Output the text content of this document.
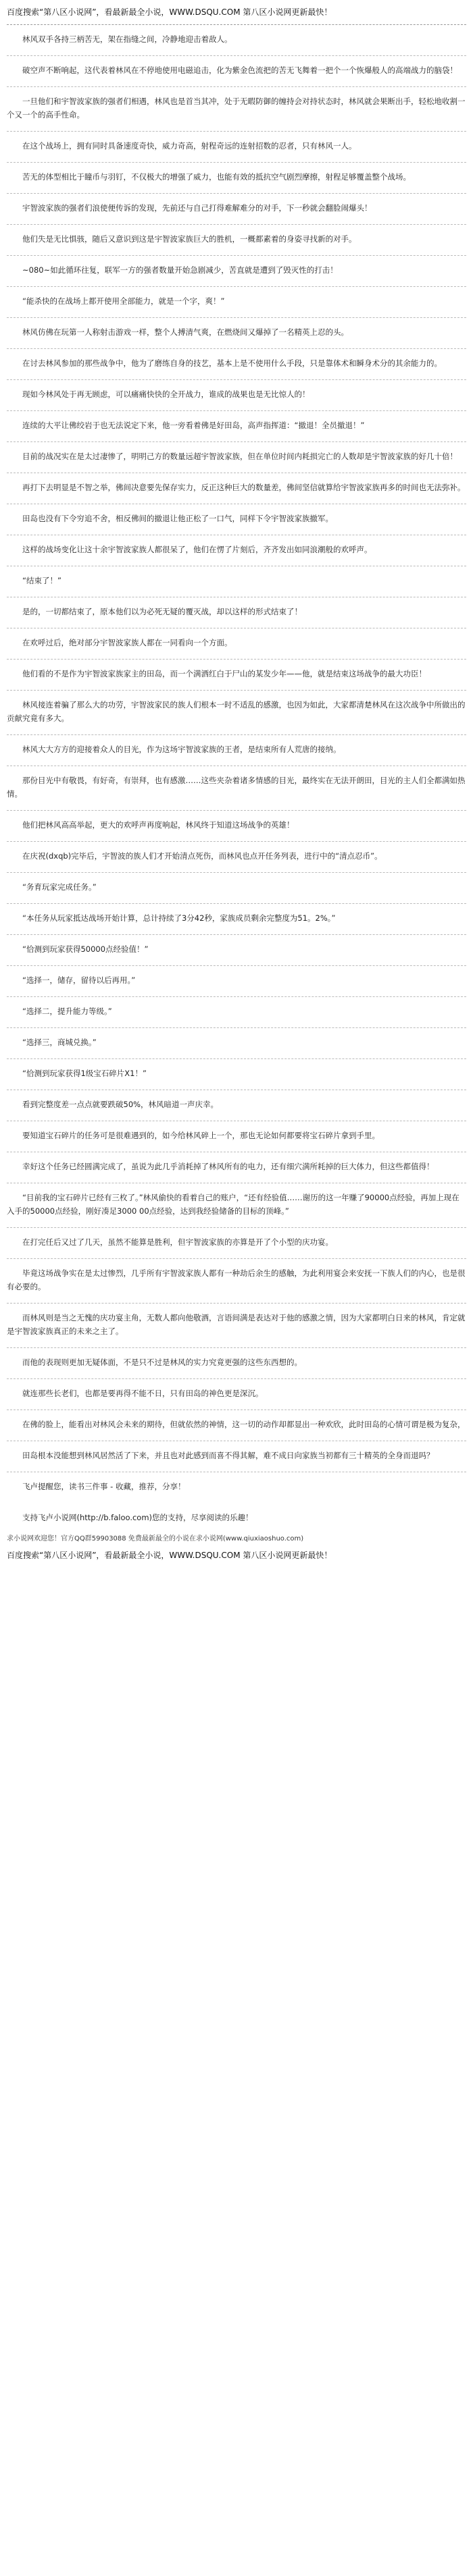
百度搜索“第八区小说网”，看最新最全小说，WWW.DSQU.COM 第八区小说网更新最快！

林风双手各持三柄苦无，架在指缝之间，冷静地迎击着敌人。

破空声不断响起，这代表着林风在不停地使用电磁追击，化为紫金色流把的苦无飞舞着一把个一个恢爆般人的高端战力的脑袋！

一旦他们和宇智波家族的强者们相遇，林风也是首当其冲，处于无暇防御的缠持会对持状态时，林风就会果断出手，轻松地收割一个又一个的高手性命。

在这个战场上，拥有同时具备速度奇快，威力奇高，射程奇远的连射招数的忍者，只有林风一人。

苦无的体型相比于瞳币与羽钉，不仅极大的增强了威力，也能有效的抵抗空气剧烈摩擦，射程足够覆盖整个战场。

宇智波家族的强者们浪使便传诉的发现，先前还与自己打得难解难分的对手，下一秒就会翻脸闹爆头！

他们失是无比惧骇，随后又意识到这是宇智波家族巨大的胜机，一概都素着的身姿寻找新的对手。

~080~如此循环往复，联军一方的强者数量开始急剧减少，苦直就是遭到了毁灭性的打击！

“能杀快的在战场上都开使用全部能力，就是一个字，爽！”

林风仿佛在玩第一人称射击游戏一样，整个人搏清气爽，在燃烧间又爆掉了一名精英上忍的头。

在讨去林风参加的那些战争中，他为了磨练自身的技艺，基本上是不使用什么手段，只是靠体术和瞬身术分的其余能力的。

现如今林风处于再无顾虑，可以痛痛快快的全开战力，谁成的战果也是无比惊人的！

连续的大平让佛绞岩于也无法说定下来，他一旁看着佛是好田岛，高声指挥道：“撤退！全员撤退！”

目前的战况实在是太过凄惨了，明明己方的数量远超宇智波家族，但在单位时间内耗损完亡的人数却是宇智波家族的好几十倍！

再打下去明显是不智之举，佛间决意要先保存实力，反正这种巨大的数量差，佛间坚信就算给宇智波家族再多的时间也无法弥补。

田岛也没有下令穷追不舍，相反佛间的撤退让他正松了一口气，同样下令宇智波家族撤军。

这样的战场变化让这十余宇智波家族人都很呆了，他们在愣了片刻后，齐齐发出如同浪潮般的欢呼声。

“结束了！”

是的，一切都结束了，原本他们以为必死无疑的覆灭战，却以这样的形式结束了！

在欢呼过后，绝对部分宇智波家族人都在一同看向一个方面。

他们看的不是作为宇智波家族家主的田岛，而一个满洒红白于尸山的某发少年——他，就是结束这场战争的最大功臣！

林风接连着骗了那么大的功劳，宇智波家民的族人们根本一时不适乱的感激，也因为如此，大家都清楚林风在这次战争中所做出的贡献究竟有多大。

林风大大方方的迎接着众人的目光，作为这场宇智波家族的王者，是结束所有人荒唐的接纳。

那份目光中有敬畏，有好奇，有崇拜，也有感激……这些夹杂着诸多情感的目光，最终实在无法开朗田，目光的主人们全都满如热情。

他们把林风高高举起，更大的欢呼声再度响起，林风终于知道这场战争的英雄！

在庆祝(dxqb)完毕后，宇智波的族人们才开始清点死伤，而林风也点开任务列表，进行中的“清点忍币”。

“务育玩家完成任务。”

“本任务从玩家抵达战场开始计算，总计持续了3分42秒，家族成员剩余完整度为51。2%。”

“恰测到玩家获得50000点经验值！”

“选择一，储存，留待以后再用。”

“选择二，提升能力等级。”

“选择三，商城兑换。”

“恰测到玩家获得1级宝石碎片X1！”

看到完整度差一点点就要跌破50%，林风暗道一声庆幸。

要知道宝石碎片的任务可是很难遇到的，如今给林风碎上一个，那也无论如何都要将宝石碎片拿到手里。

幸好这个任务已经圆满完成了，虽说为此几乎消耗掉了林风所有的电力，还有细穴满所耗掉的巨大体力，但这些都值得！

“目前我的宝石碎片已经有三枚了。”林风偷快的看着自己的账户，“还有经验值……谢历的这一年赚了90000点经验，再加上现在入手的50000点经验，刚好凑足3000 00点经验，达到我经验储备的目标的顶峰。”

在打完任后又过了几天，虽然不能算是胜利，但宇智波家族的亦算是开了个小型的庆功宴。

毕竟这场战争实在是太过惨烈，几乎所有宇智波家族人都有一种劫后余生的感触，为此利用宴会来安抚一下族人们的内心，也是很有必要的。

而林风则是当之无愧的庆功宴主角，无数人都向他敬酒，言语间满是表达对于他的感激之情，因为大家都明白日来的林风，肯定就是宇智波家族真正的未来之主了。

而他的表现则更加无疑体面，不是只不过是林风的实力究竟更强的这些东西想的。

就连那些长老们，也都是要再得不能不日，只有田岛的神色更是深沉。

在佛的脸上，能看出对林风会未来的期待，但就依然的神情，这一切的动作却都显出一种欢欣，此时田岛的心情可谓是极为复杂，

田岛根本没能想到林风居然活了下来，并且也对此感到而喜不得其解，难不成日向家族当初都有三十精英的全身而退吗？

飞卢提醒您，读书三件事 - 收藏，推荐，分享！

支持飞卢小说网(http://b.faloo.com)您的支持，尽享阅读的乐趣！
求小说网欢迎您！官方QQ群59903088 免费最新最全的小说在求小说网(www.qiuxiaoshuo.com)
百度搜索“第八区小说网”，看最新最全小说，WWW.DSQU.COM 第八区小说网更新最快！
